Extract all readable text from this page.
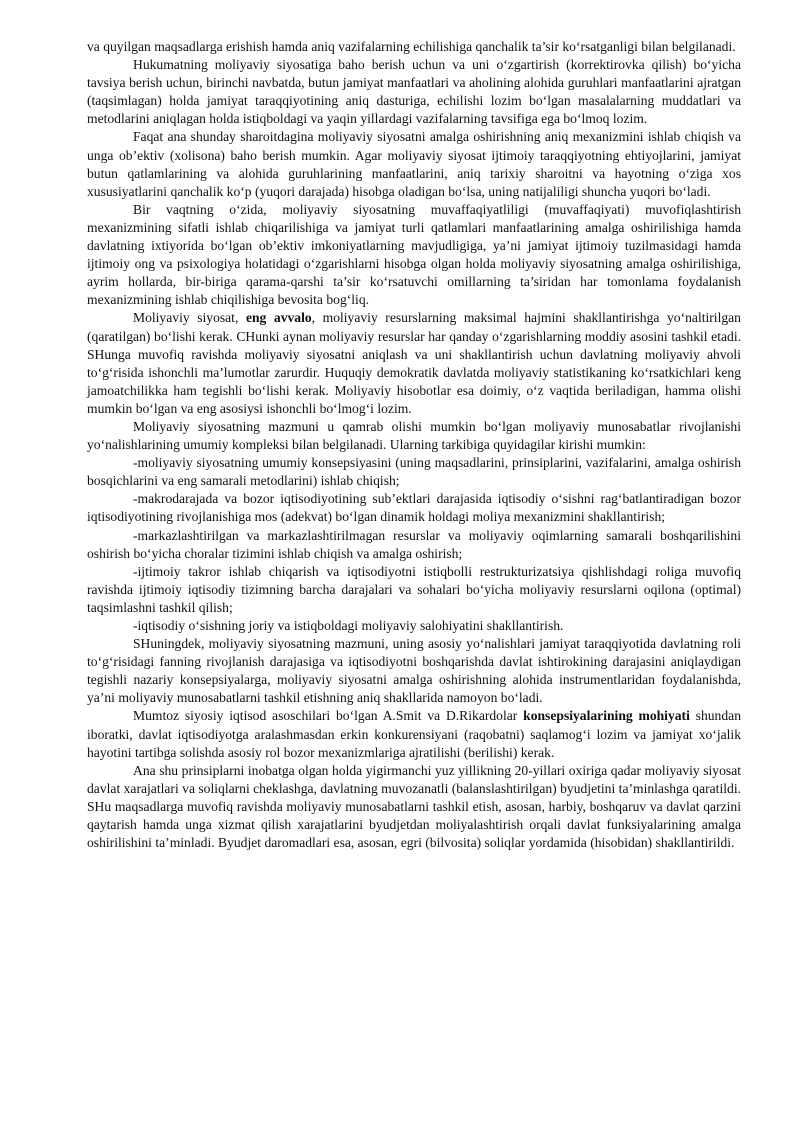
va quyilgan maqsadlarga erishish hamda aniq vazifalarning echilishiga qanchalik ta’sir ko‘rsatganligi bilan belgilanadi.

Hukumatning moliyaviy siyosatiga baho berish uchun va uni o‘zgartirish (korrektirovka qilish) bo‘yicha tavsiya berish uchun, birinchi navbatda, butun jamiyat manfaatlari va aholining alohida guruhlari manfaatlarini ajratgan (taqsimlagan) holda jamiyat taraqqiyotining aniq dasturiga, echilishi lozim bo‘lgan masalalarning muddatlari va metodlarini aniqlagan holda istiqboldagi va yaqin yillardagi vazifalarning tavsifiga ega bo‘lmoq lozim.

Faqat ana shunday sharoitdagina moliyaviy siyosatni amalga oshirishning aniq mexanizmini ishlab chiqish va unga ob’ektiv (xolisona) baho berish mumkin. Agar moliyaviy siyosat ijtimoiy taraqqiyotning ehtiyojlarini, jamiyat butun qatlamlarining va alohida guruhlarining manfaatlarini, aniq tarixiy sharoitni va hayotning o‘ziga xos xususiyatlarini qanchalik ko‘p (yuqori darajada) hisobga oladigan bo‘lsa, uning natijaliligi shuncha yuqori bo‘ladi.

Bir vaqtning o‘zida, moliyaviy siyosatning muvaffaqiyatliligi (muvaffaqiyati) muvofiqlashtirish mexanizmining sifatli ishlab chiqarilishiga va jamiyat turli qatlamlari manfaatlarining amalga oshirilishiga hamda davlatning ixtiyorida bo‘lgan ob’ektiv imkoniyatlarning mavjudligiga, ya’ni jamiyat ijtimoiy tuzilmasidagi hamda ijtimoiy ong va psixologiya holatidagi o‘zgarishlarni hisobga olgan holda moliyaviy siyosatning amalga oshirilishiga, ayrim hollarda, bir-biriga qarama-qarshi ta’sir ko‘rsatuvchi omillarning ta’siridan har tomonlama foydalanish mexanizmining ishlab chiqilishiga bevosita bog‘liq.

Moliyaviy siyosat, eng avvalo, moliyaviy resurslarning maksimal hajmini shakllantirishga yo‘naltirilgan (qaratilgan) bo‘lishi kerak. CHunki aynan moliyaviy resurslar har qanday o‘zgarishlarning moddiy asosini tashkil etadi. SHunga muvofiq ravishda moliyaviy siyosatni aniqlash va uni shakllantirish uchun davlatning moliyaviy ahvoli to‘g‘risida ishonchli ma’lumotlar zarurdir. Huquqiy demokratik davlatda moliyaviy statistikaning ko‘rsatkichlari keng jamoatchilikka ham tegishli bo‘lishi kerak. Moliyaviy hisobotlar esa doimiy, o‘z vaqtida beriladigan, hamma olishi mumkin bo‘lgan va eng asosiysi ishonchli bo‘lmog‘i lozim.

Moliyaviy siyosatning mazmuni u qamrab olishi mumkin bo‘lgan moliyaviy munosabatlar rivojlanishi yo‘nalishlarining umumiy kompleksi bilan belgilanadi. Ularning tarkibiga quyidagilar kirishi mumkin:

-moliyaviy siyosatning umumiy konsepsiyasini (uning maqsadlarini, prinsiplarini, vazifalarini, amalga oshirish bosqichlarini va eng samarali metodlarini) ishlab chiqish;

-makrodarajada va bozor iqtisodiyotining sub’ektlari darajasida iqtisodiy o‘sishni rag‘batlantiradigan bozor iqtisodiyotining rivojlanishiga mos (adekvat) bo‘lgan dinamik holdagi moliya mexanizmini shakllantirish;

-markazlashtirilgan va markazlashtirilmagan resurslar va moliyaviy oqimlarning samarali boshqarilishini oshirish bo‘yicha choralar tizimini ishlab chiqish va amalga oshirish;

-ijtimoiy takror ishlab chiqarish va iqtisodiyotni istiqbolli restrukturizatsiya qishlishdagi roliga muvofiq ravishda ijtimoiy iqtisodiy tizimning barcha darajalari va sohalari bo‘yicha moliyaviy resurslarni oqilona (optimal) taqsimlashni tashkil qilish;

-iqtisodiy o‘sishning joriy va istiqboldagi moliyaviy salohiyatini shakllantirish.

SHuningdek, moliyaviy siyosatning mazmuni, uning asosiy yo‘nalishlari jamiyat taraqqiyotida davlatning roli to‘g‘risidagi fanning rivojlanish darajasiga va iqtisodiyotni boshqarishda davlat ishtirokining darajasini aniqlaydigan tegishli nazariy konsepsiyalarga, moliyaviy siyosatni amalga oshirishning alohida instrumentlaridan foydalanishda, ya’ni moliyaviy munosabatlarni tashkil etishning aniq shakllarida namoyon bo‘ladi.

Mumtoz siyosiy iqtisod asoschilari bo‘lgan A.Smit va D.Rikardolar konsepsiyalarining mohiyati shundan iboratki, davlat iqtisodiyotga aralashmasdan erkin konkurensiyani (raqobatni) saqlamog‘i lozim va jamiyat xo‘jalik hayotini tartibga solishda asosiy rol bozor mexanizmlariga ajratilishi (berilishi) kerak.

Ana shu prinsiplarni inobatga olgan holda yigirmanchi yuz yillikning 20-yillari oxiriga qadar moliyaviy siyosat davlat xarajatlari va soliqlarni cheklashga, davlatning muvozanatli (balanslashtirilgan) byudjetini ta’minlashga qaratildi. SHu maqsadlarga muvofiq ravishda moliyaviy munosabatlarni tashkil etish, asosan, harbiy, boshqaruv va davlat qarzini qaytarish hamda unga xizmat qilish xarajatlarini byudjetdan moliyalashtirish orqali davlat funksiyalarining amalga oshirilishini ta’minladi. Byudjet daromadlari esa, asosan, egri (bilvosita) soliqlar yordamida (hisobidan) shakllantirildi.
